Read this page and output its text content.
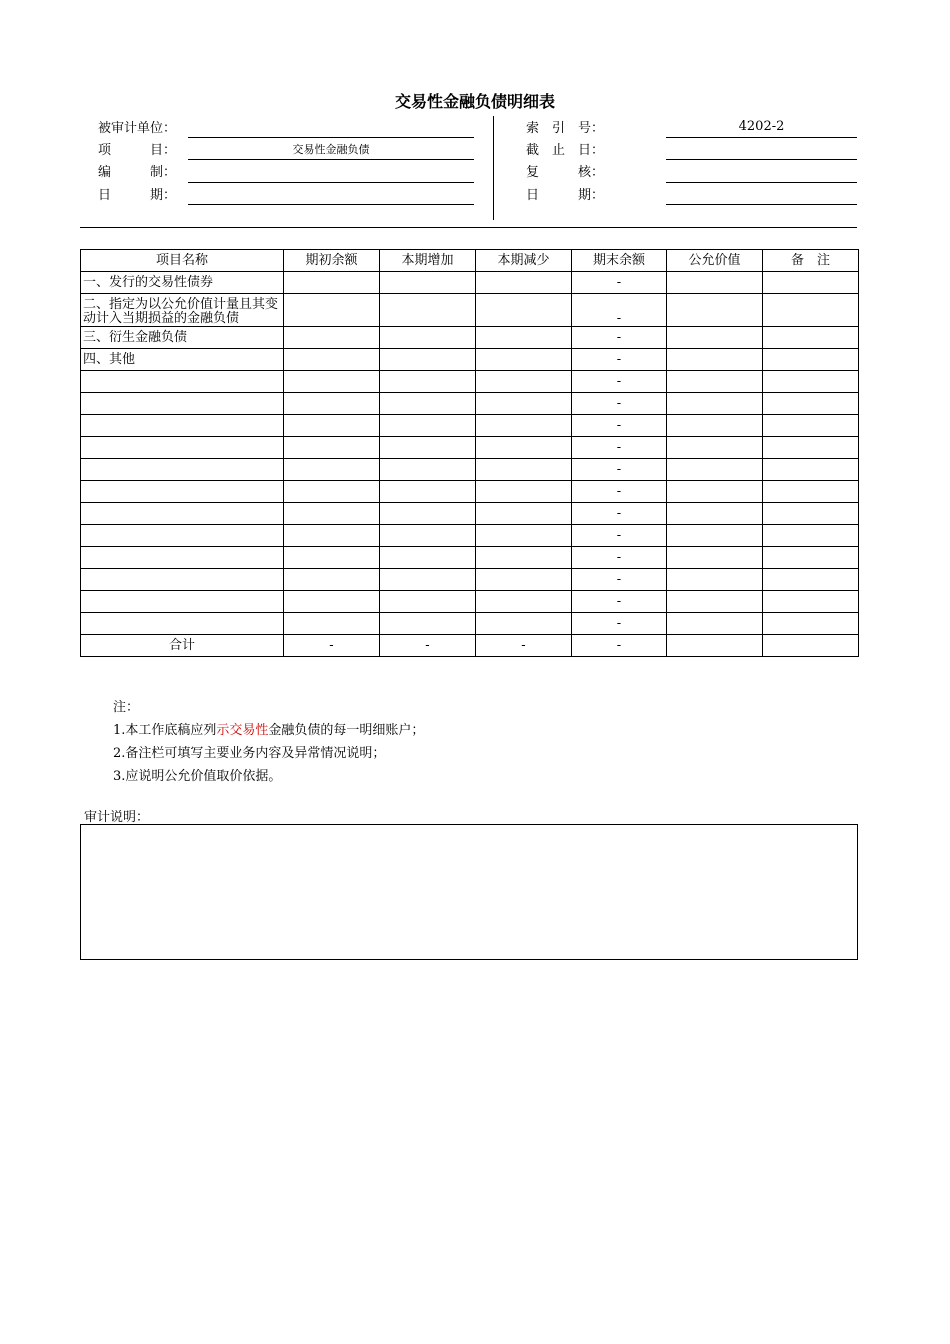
交易性金融负债明细表
被审计单位：
项　　　目：	交易性金融负债
编　　　制：
日　　　期：
索　引　号：	4202-2
截　止　日：
复　　　核：
日　　　期：
项目名称	期初余额	本期增加	本期减少	期末余额	公允价值	备　注
一、发行的交易性债券				-		
二、指定为以公允价值计量且其变动计入当期损益的金融负债				-		
三、衍生金融负债				-		
四、其他				-		
				-		
				-		
				-		
				-		
				-		
				-		
				-		
				-		
				-		
				-		
				-		
				-		
合计	-	-	-	-		
注：
1.本工作底稿应列示交易性金融负债的每一明细账户；
2.备注栏可填写主要业务内容及异常情况说明；
3.应说明公允价值取价依据。
审计说明：
